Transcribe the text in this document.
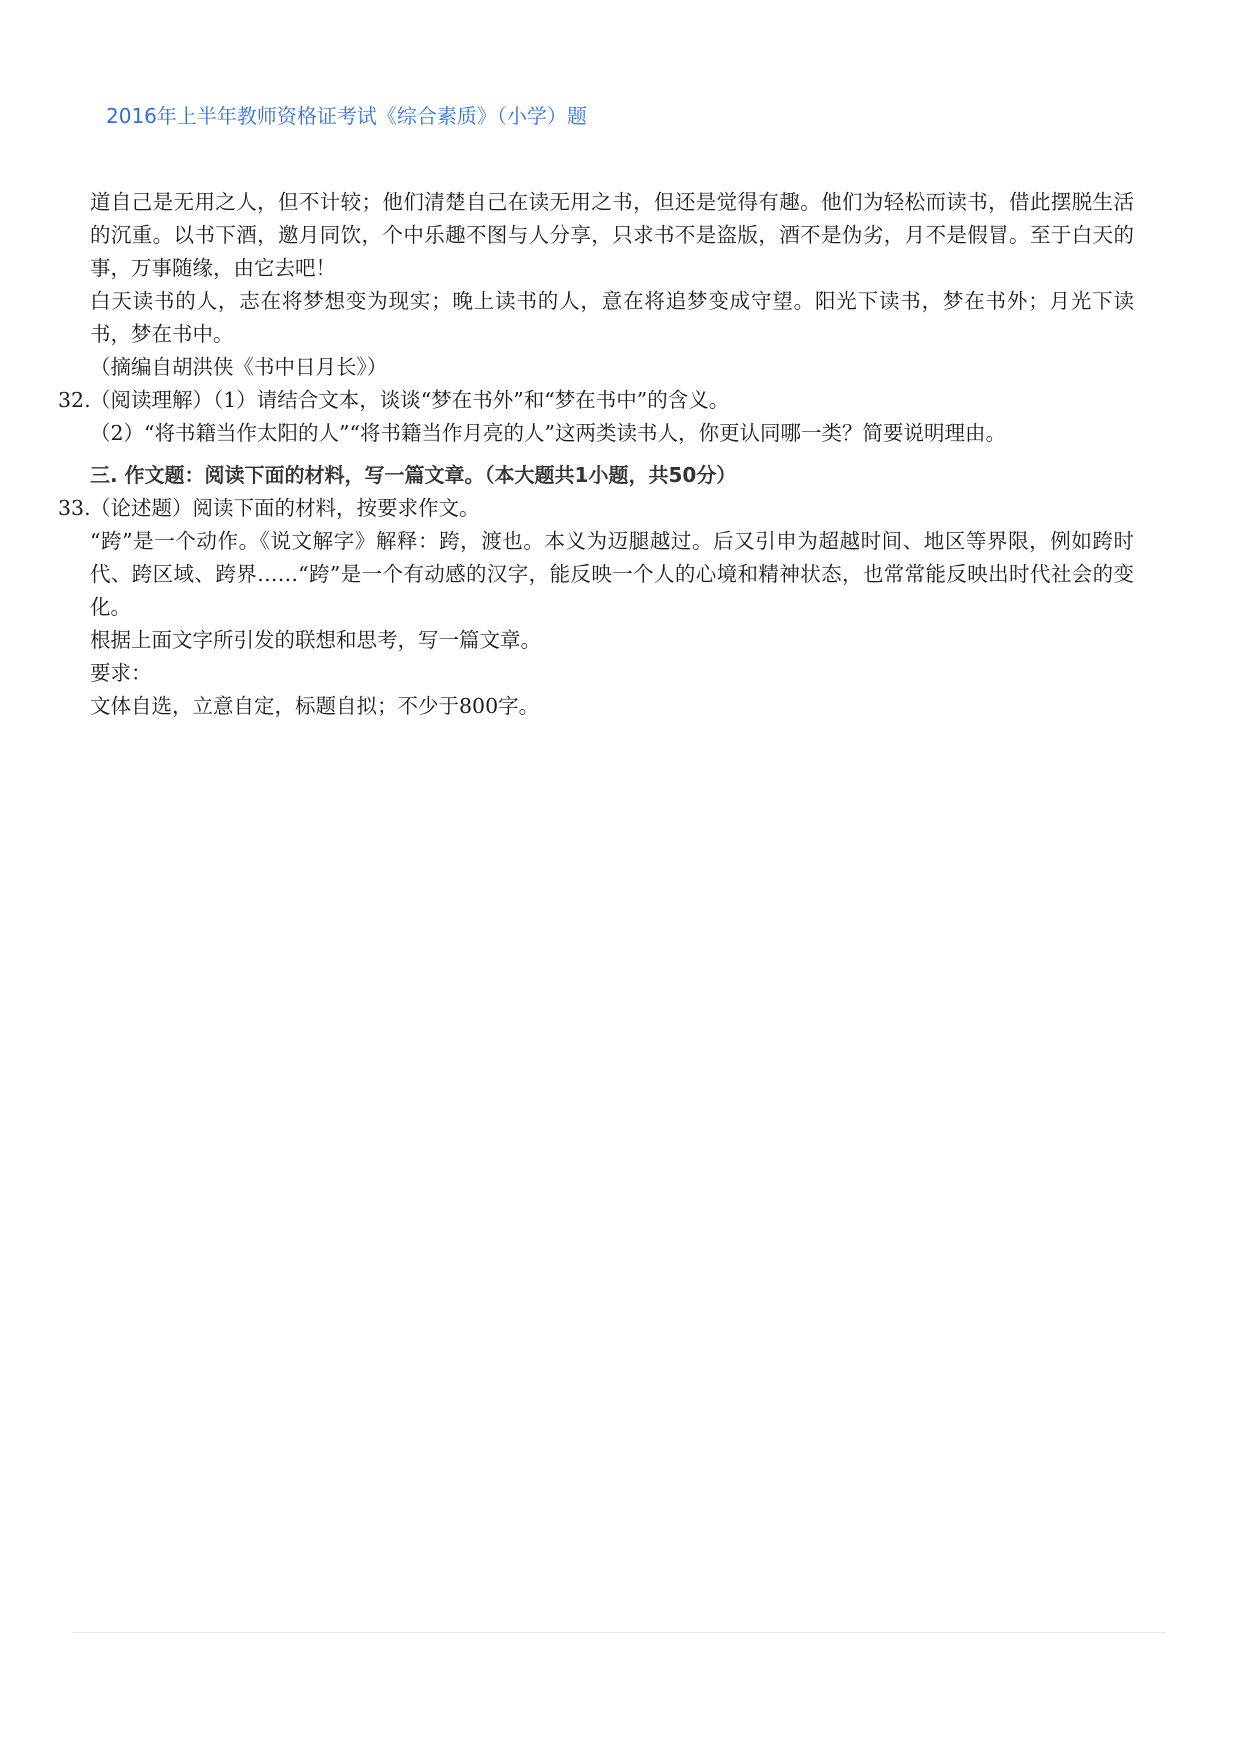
2016年上半年教师资格证考试《综合素质》（小学）题

道自己是无用之人，但不计较；他们清楚自己在读无用之书，但还是觉得有趣。他们为轻松而读书，借此摆脱生活的沉重。以书下酒，邀月同饮，个中乐趣不图与人分享，只求书不是盗版，酒不是伪劣，月不是假冒。至于白天的事，万事随缘，由它去吧！

白天读书的人，志在将梦想变为现实；晚上读书的人，意在将追梦变成守望。阳光下读书，梦在书外；月光下读书，梦在书中。

（摘编自胡洪侠《书中日月长》）

32. （阅读理解）（1）请结合文本，谈谈“梦在书外”和“梦在书中”的含义。
（2）“将书籍当作太阳的人”“将书籍当作月亮的人”这两类读书人，你更认同哪一类？简要说明理由。
三. 作文题：阅读下面的材料，写一篇文章。（本大题共1小题，共50分）
33. （论述题）阅读下面的材料，按要求作文。
“跨”是一个动作。《说文解字》解释：跨，渡也。本义为迈腿越过。后又引申为超越时间、地区等界限，例如跨时代、跨区域、跨界……“跨”是一个有动感的汉字，能反映一个人的心境和精神状态，也常常能反映出时代社会的变化。
根据上面文字所引发的联想和思考，写一篇文章。
要求：
文体自选，立意自定，标题自拟；不少于800字。
